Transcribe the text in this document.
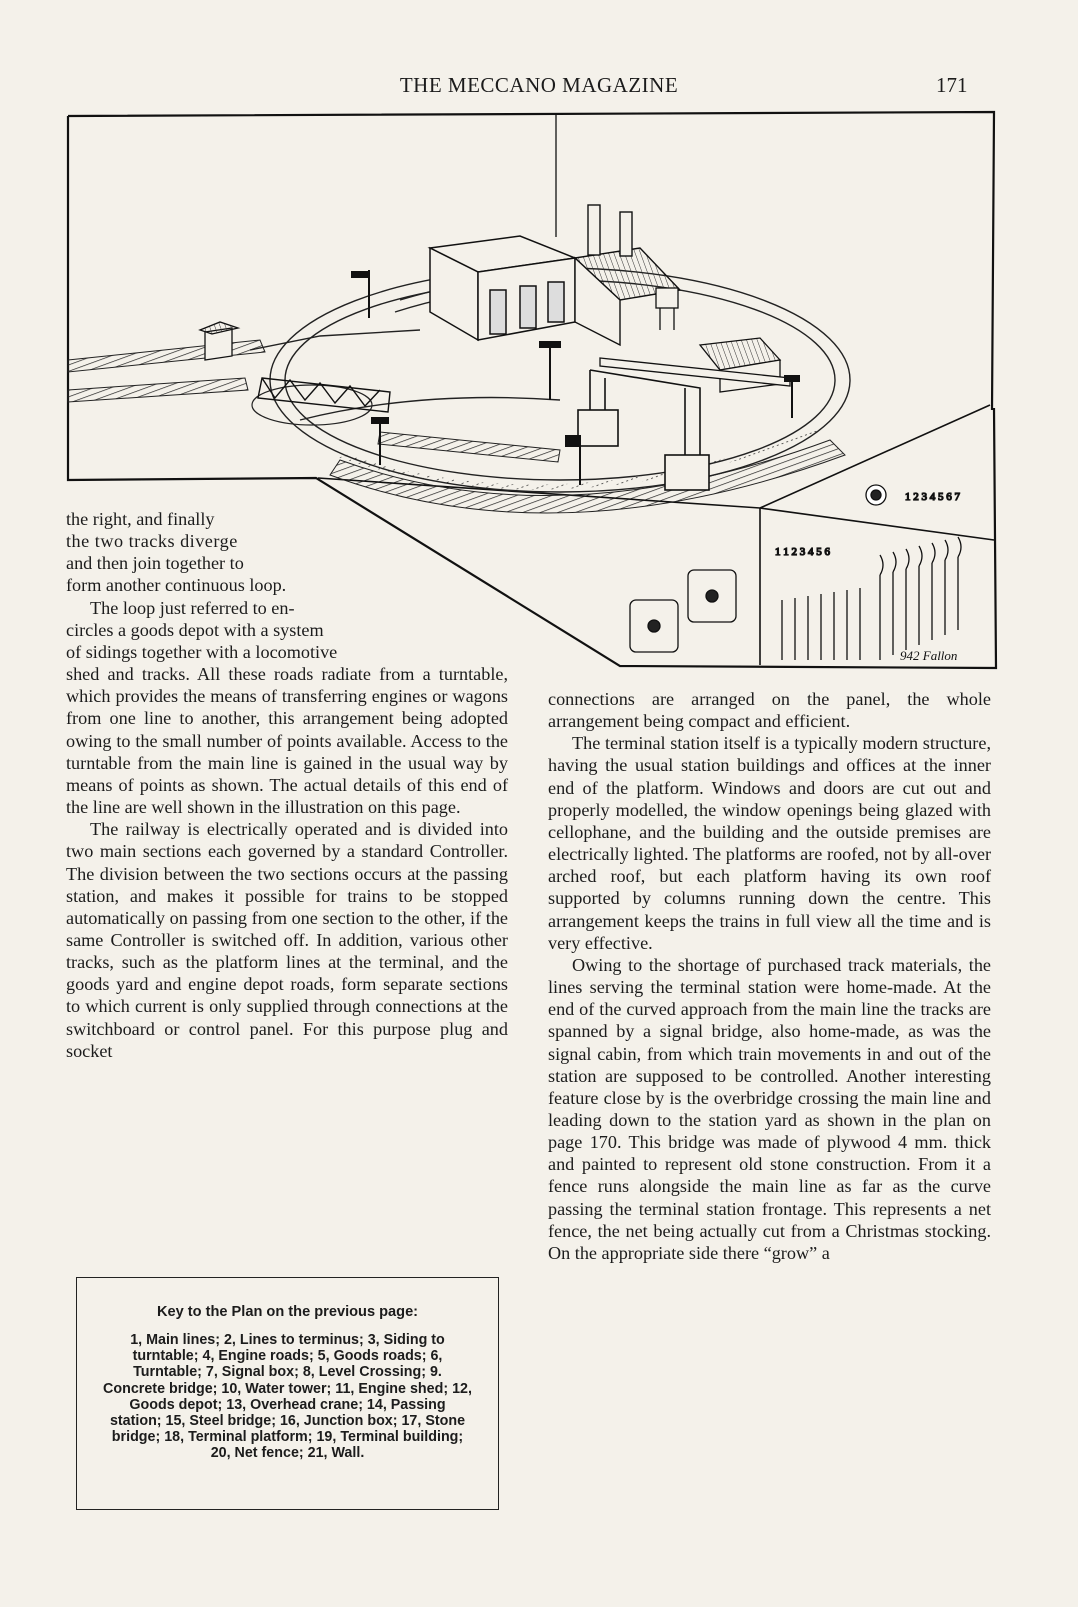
THE MECCANO MAGAZINE	171
1 2 3 4 5 6 7
1 1 2 3 4 5 6
942 Fallon

the right, and finally

the two tracks diverge

and then join together to

form another continuous loop.

The loop just referred to en-

circles a goods depot with a system

of sidings together with a locomotive

shed and tracks. All these roads radiate from a turntable, which provides the means of transferring engines or wagons from one line to another, this arrangement being adopted owing to the small number of points available. Access to the turntable from the main line is gained in the usual way by means of points as shown. The actual details of this end of the line are well shown in the illustration on this page.

The railway is electrically operated and is divided into two main sections each governed by a standard Controller. The division between the two sections occurs at the passing station, and makes it possible for trains to be stopped automatically on passing from one section to the other, if the same Controller is switched off. In addition, various other tracks, such as the platform lines at the terminal, and the goods yard and engine depot roads, form separate sections to which current is only supplied through connections at the switchboard or control panel. For this purpose plug and socket

Key to the Plan on the previous page:
1, Main lines; 2, Lines to terminus; 3, Siding to turntable; 4, Engine roads; 5, Goods roads; 6, Turntable; 7, Signal box; 8, Level Crossing; 9. Concrete bridge; 10, Water tower; 11, Engine shed; 12, Goods depot; 13, Overhead crane; 14, Passing station; 15, Steel bridge; 16, Junction box; 17, Stone bridge; 18, Terminal platform; 19, Terminal building; 20, Net fence; 21, Wall.

connections are arranged on the panel, the whole arrangement being compact and efficient.

The terminal station itself is a typically modern structure, having the usual station buildings and offices at the inner end of the platform. Windows and doors are cut out and properly modelled, the window openings being glazed with cellophane, and the building and the outside premises are electrically lighted. The platforms are roofed, not by all-over arched roof, but each platform having its own roof supported by columns running down the centre. This arrangement keeps the trains in full view all the time and is very effective.

Owing to the shortage of purchased track materials, the lines serving the terminal station were home-made. At the end of the curved approach from the main line the tracks are spanned by a signal bridge, also home-made, as was the signal cabin, from which train movements in and out of the station are supposed to be controlled. Another interesting feature close by is the overbridge crossing the main line and leading down to the station yard as shown in the plan on page 170. This bridge was made of plywood 4 mm. thick and painted to represent old stone construction. From it a fence runs alongside the main line as far as the curve passing the terminal station frontage. This represents a net fence, the net being actually cut from a Christmas stocking. On the appropriate side there “grow” a
